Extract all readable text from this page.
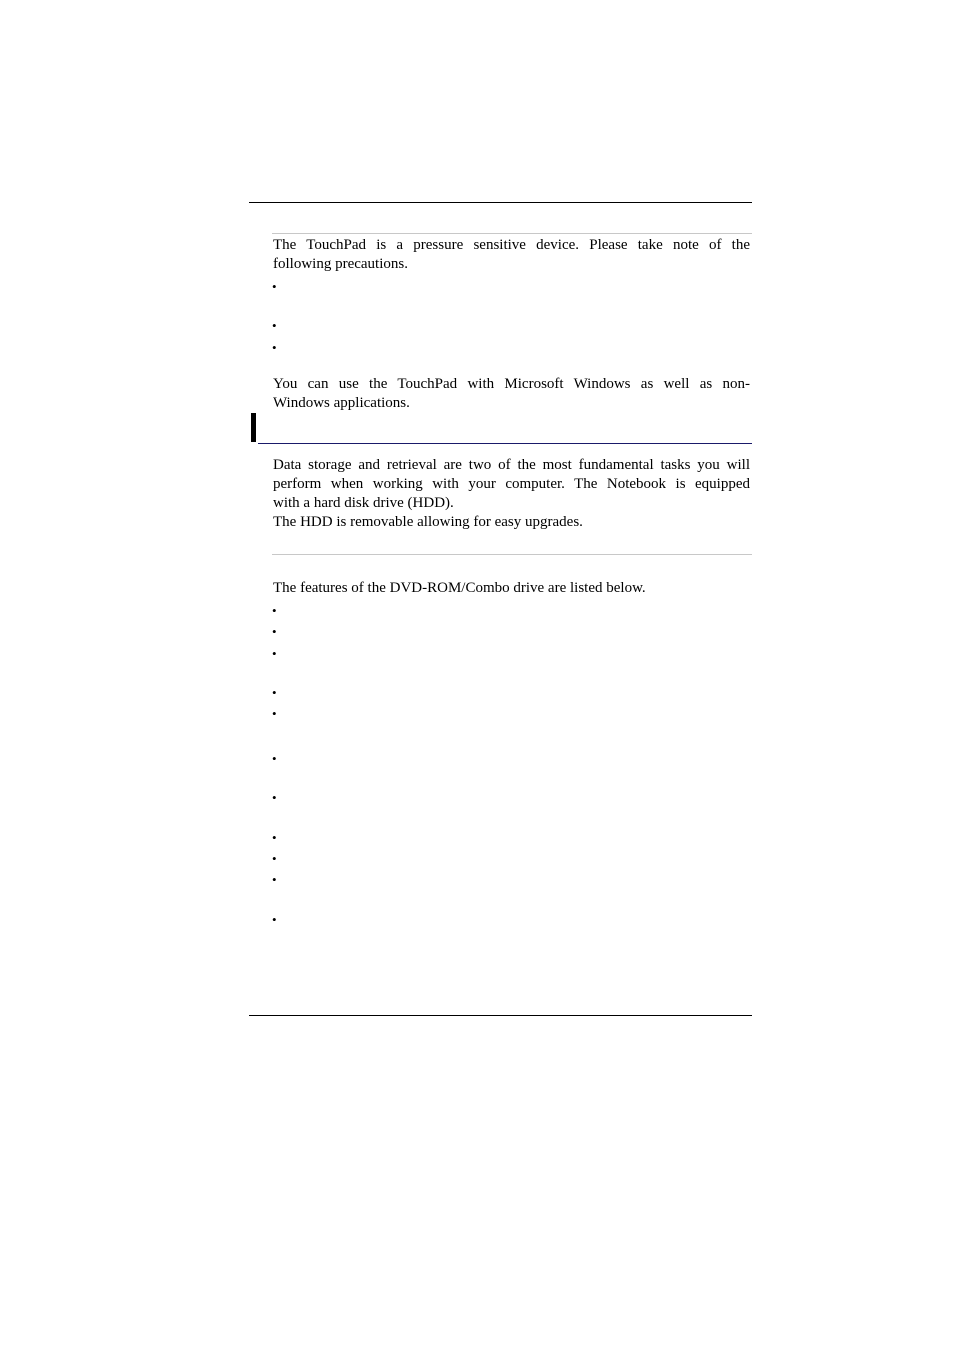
The TouchPad is a pressure sensitive device. Please take note of the
following precautions.
•
•
•
You can use the TouchPad with Microsoft Windows as well as non-
Windows applications.
Data storage and retrieval are two of the most fundamental tasks you will
perform when working with your computer. The Notebook is equipped
with a hard disk drive (HDD).
The HDD is removable allowing for easy upgrades.
The features of the DVD-ROM/Combo drive are listed below.
•
•
•
•
•
•
•
•
•
•
•
